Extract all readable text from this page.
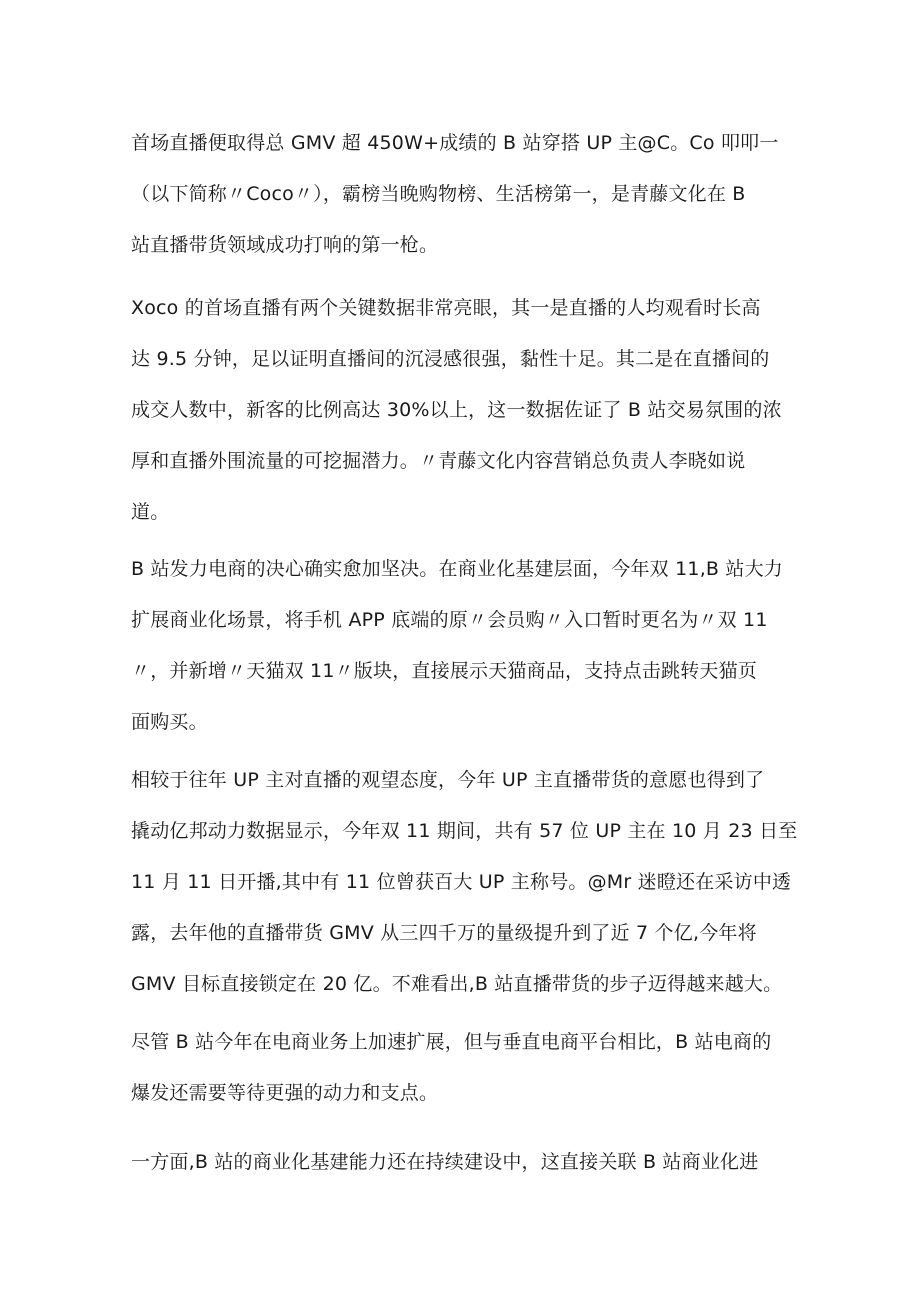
首场直播便取得总 GMV 超 450W+成绩的 B 站穿搭 UP 主@C。Co 叩叩一
（以下简称〃Coco〃），霸榜当晚购物榜、生活榜第一，是青藤文化在 B
站直播带货领域成功打响的第一枪。

Xoco 的首场直播有两个关键数据非常亮眼，其一是直播的人均观看时长高
达 9.5 分钟，足以证明直播间的沉浸感很强，黏性十足。其二是在直播间的
成交人数中，新客的比例高达 30%以上，这一数据佐证了 B 站交易氛围的浓
厚和直播外围流量的可挖掘潜力。〃青藤文化内容营销总负责人李晓如说
道。

B 站发力电商的决心确实愈加坚决。在商业化基建层面，今年双 11,B 站大力
扩展商业化场景，将手机 APP 底端的原〃会员购〃入口暂时更名为〃双 11
〃，并新增〃天猫双 11〃版块，直接展示天猫商品，支持点击跳转天猫页
面购买。

相较于往年 UP 主对直播的观望态度，今年 UP 主直播带货的意愿也得到了
撬动亿邦动力数据显示，今年双 11 期间，共有 57 位 UP 主在 10 月 23 日至
11 月 11 日开播,其中有 11 位曾获百大 UP 主称号。@Mr 迷瞪还在采访中透
露，去年他的直播带货 GMV 从三四千万的量级提升到了近 7 个亿,今年将
GMV 目标直接锁定在 20 亿。不难看出,B 站直播带货的步子迈得越来越大。

尽管 B 站今年在电商业务上加速扩展，但与垂直电商平台相比，B 站电商的
爆发还需要等待更强的动力和支点。

一方面,B 站的商业化基建能力还在持续建设中，这直接关联 B 站商业化进
